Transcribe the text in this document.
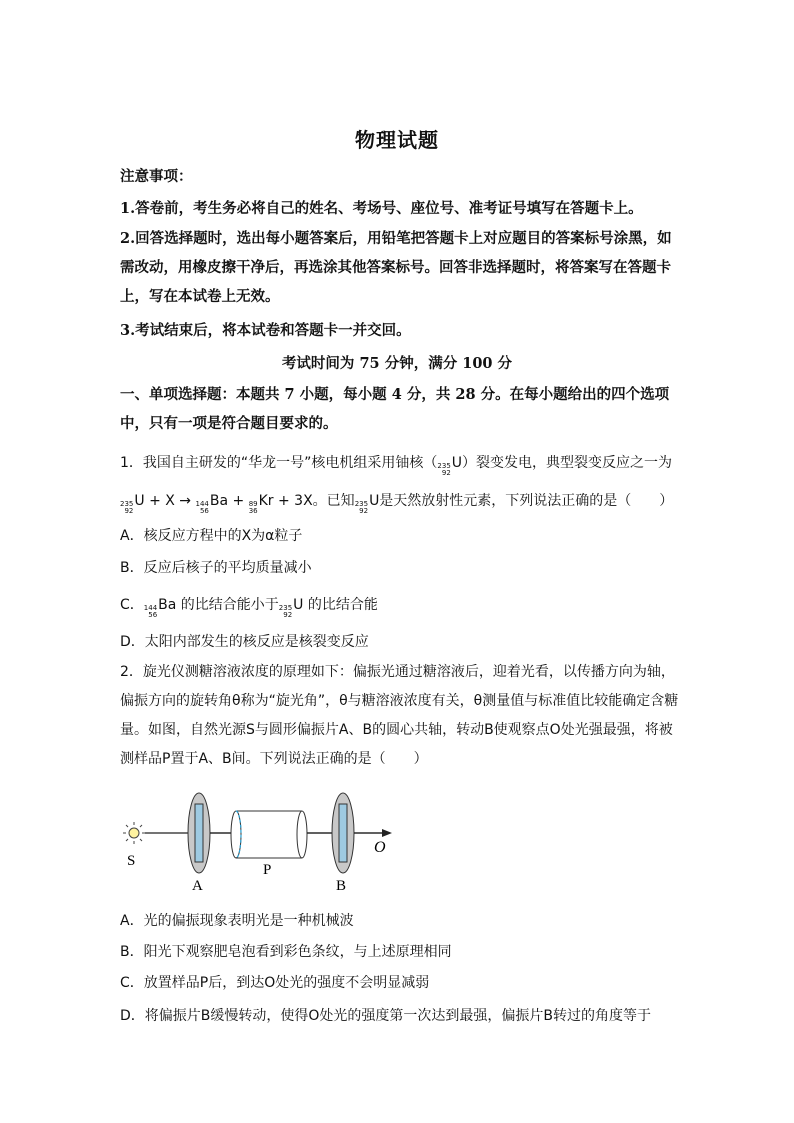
物理试题
注意事项：
1.答卷前，考生务必将自己的姓名、考场号、座位号、准考证号填写在答题卡上。
2.回答选择题时，选出每小题答案后，用铅笔把答题卡上对应题目的答案标号涂黑，如需改动，用橡皮擦干净后，再选涂其他答案标号。回答非选择题时，将答案写在答题卡上，写在本试卷上无效。
3.考试结束后，将本试卷和答题卡一并交回。
考试时间为 75 分钟，满分 100 分
一、单项选择题：本题共 7 小题，每小题 4 分，共 28 分。在每小题给出的四个选项中，只有一项是符合题目要求的。
1．我国自主研发的“华龙一号”核电机组采用铀核（ 235
92
U）裂变发电，典型裂变反应之一为
235
92
U + X → 144
56
Ba + 89
36
Kr + 3X。已知 235
92
U是天然放射性元素，下列说法正确的是（　　）
A．核反应方程中的X为α粒子
B．反应后核子的平均质量减小
C． 144
56
Ba 的比结合能小于 235
92
U 的比结合能
D．太阳内部发生的核反应是核裂变反应
2．旋光仪测糖溶液浓度的原理如下：偏振光通过糖溶液后，迎着光看，以传播方向为轴，偏振方向的旋转角θ称为“旋光角”，θ与糖溶液浓度有关，θ测量值与标准值比较能确定含糖量。如图，自然光源S与圆形偏振片A、B的圆心共轴，转动B使观察点O处光强最强，将被测样品P置于A、B间。下列说法正确的是（　　）
S
A
P
B
O
A．光的偏振现象表明光是一种机械波
B．阳光下观察肥皂泡看到彩色条纹，与上述原理相同
C．放置样品P后，到达O处光的强度不会明显减弱
D．将偏振片B缓慢转动，使得O处光的强度第一次达到最强，偏振片B转过的角度等于
